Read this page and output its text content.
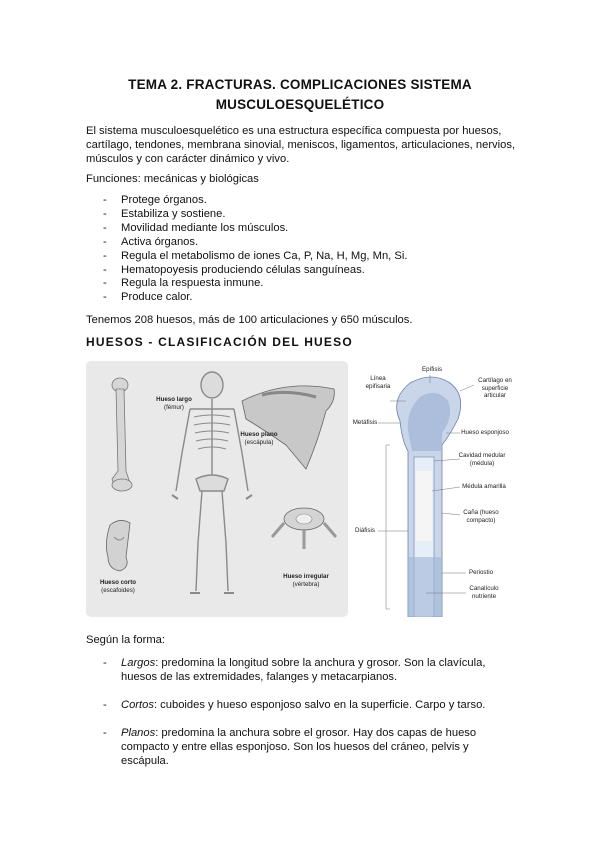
TEMA 2. FRACTURAS. COMPLICACIONES SISTEMA
MUSCULOESQUELÉTICO
El sistema musculoesquelético es una estructura específica compuesta por huesos, cartílago, tendones, membrana sinovial, meniscos, ligamentos, articulaciones, nervios, músculos y con carácter dinámico y vivo.
Funciones: mecánicas y biológicas
- Protege órganos.
- Estabiliza y sostiene.
- Movilidad mediante los músculos.
- Activa órganos.
- Regula el metabolismo de iones Ca, P, Na, H, Mg, Mn, Si.
- Hematopoyesis produciendo células sanguíneas.
- Regula la respuesta inmune.
- Produce calor.
Tenemos 208 huesos, más de 100 articulaciones y 650 músculos.
HUESOS - CLASIFICACIÓN DEL HUESO
Hueso largo
(fémur)
Hueso plano
(escápula)
Hueso corto
(escafoides)
Hueso irregular
(vértebra)
Epífisis
Línea epifisaria
Cartílago en superficie articular
Metáfisis
Hueso esponjoso
Cavidad medular (médula)
Médula amarilla
Caña (hueso compacto)
Diáfisis
Periostio
Canalículo nutriente
Según la forma:
- Largos: predomina la longitud sobre la anchura y grosor. Son la clavícula, huesos de las extremidades, falanges y metacarpianos.
- Cortos: cuboides y hueso esponjoso salvo en la superficie. Carpo y tarso.
- Planos: predomina la anchura sobre el grosor. Hay dos capas de hueso compacto y entre ellas esponjoso. Son los huesos del cráneo, pelvis y escápula.
